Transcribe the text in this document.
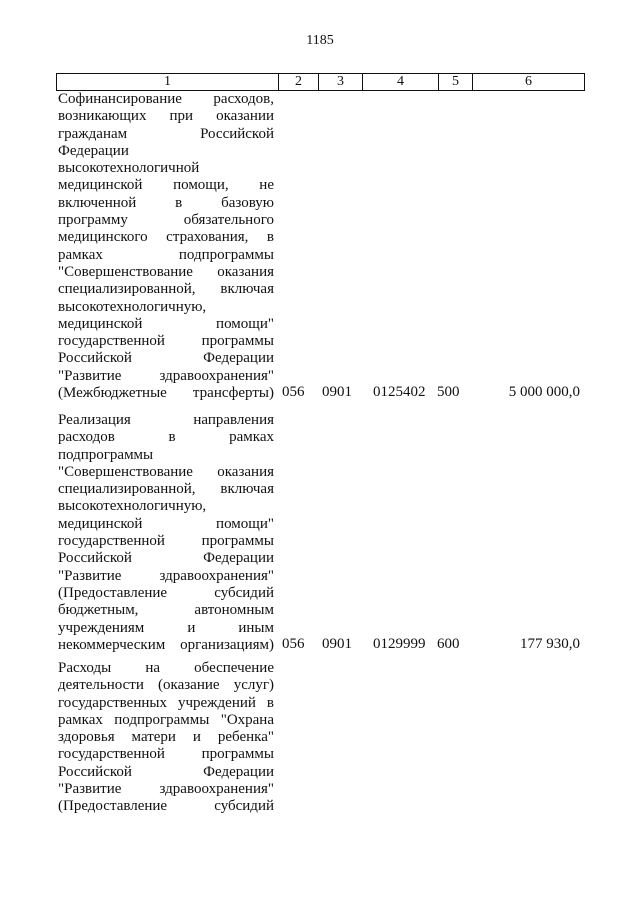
1185
1	2	3	4	5	6
Софинансирование расходов,
возникающих при оказании
гражданам Российской
Федерации
высокотехнологичной
медицинской помощи, не
включенной в базовую
программу обязательного
медицинского страхования, в
рамках подпрограммы
"Совершенствование оказания
специализированной, включая
высокотехнологичную,
медицинской помощи"
государственной программы
Российской Федерации
"Развитие здравоохранения"
(Межбюджетные трансферты) 056	0901	0125402 500	5 000 000,0
Реализация направления
расходов в рамках
подпрограммы
"Совершенствование оказания
специализированной, включая
высокотехнологичную,
медицинской помощи"
государственной программы
Российской Федерации
"Развитие здравоохранения"
(Предоставление субсидий
бюджетным, автономным
учреждениям и иным
некоммерческим организациям) 056	0901	0129999 600	177 930,0
Расходы на обеспечение
деятельности (оказание услуг)
государственных учреждений в
рамках подпрограммы "Охрана
здоровья матери и ребенка"
государственной программы
Российской Федерации
"Развитие здравоохранения"
(Предоставление субсидий
